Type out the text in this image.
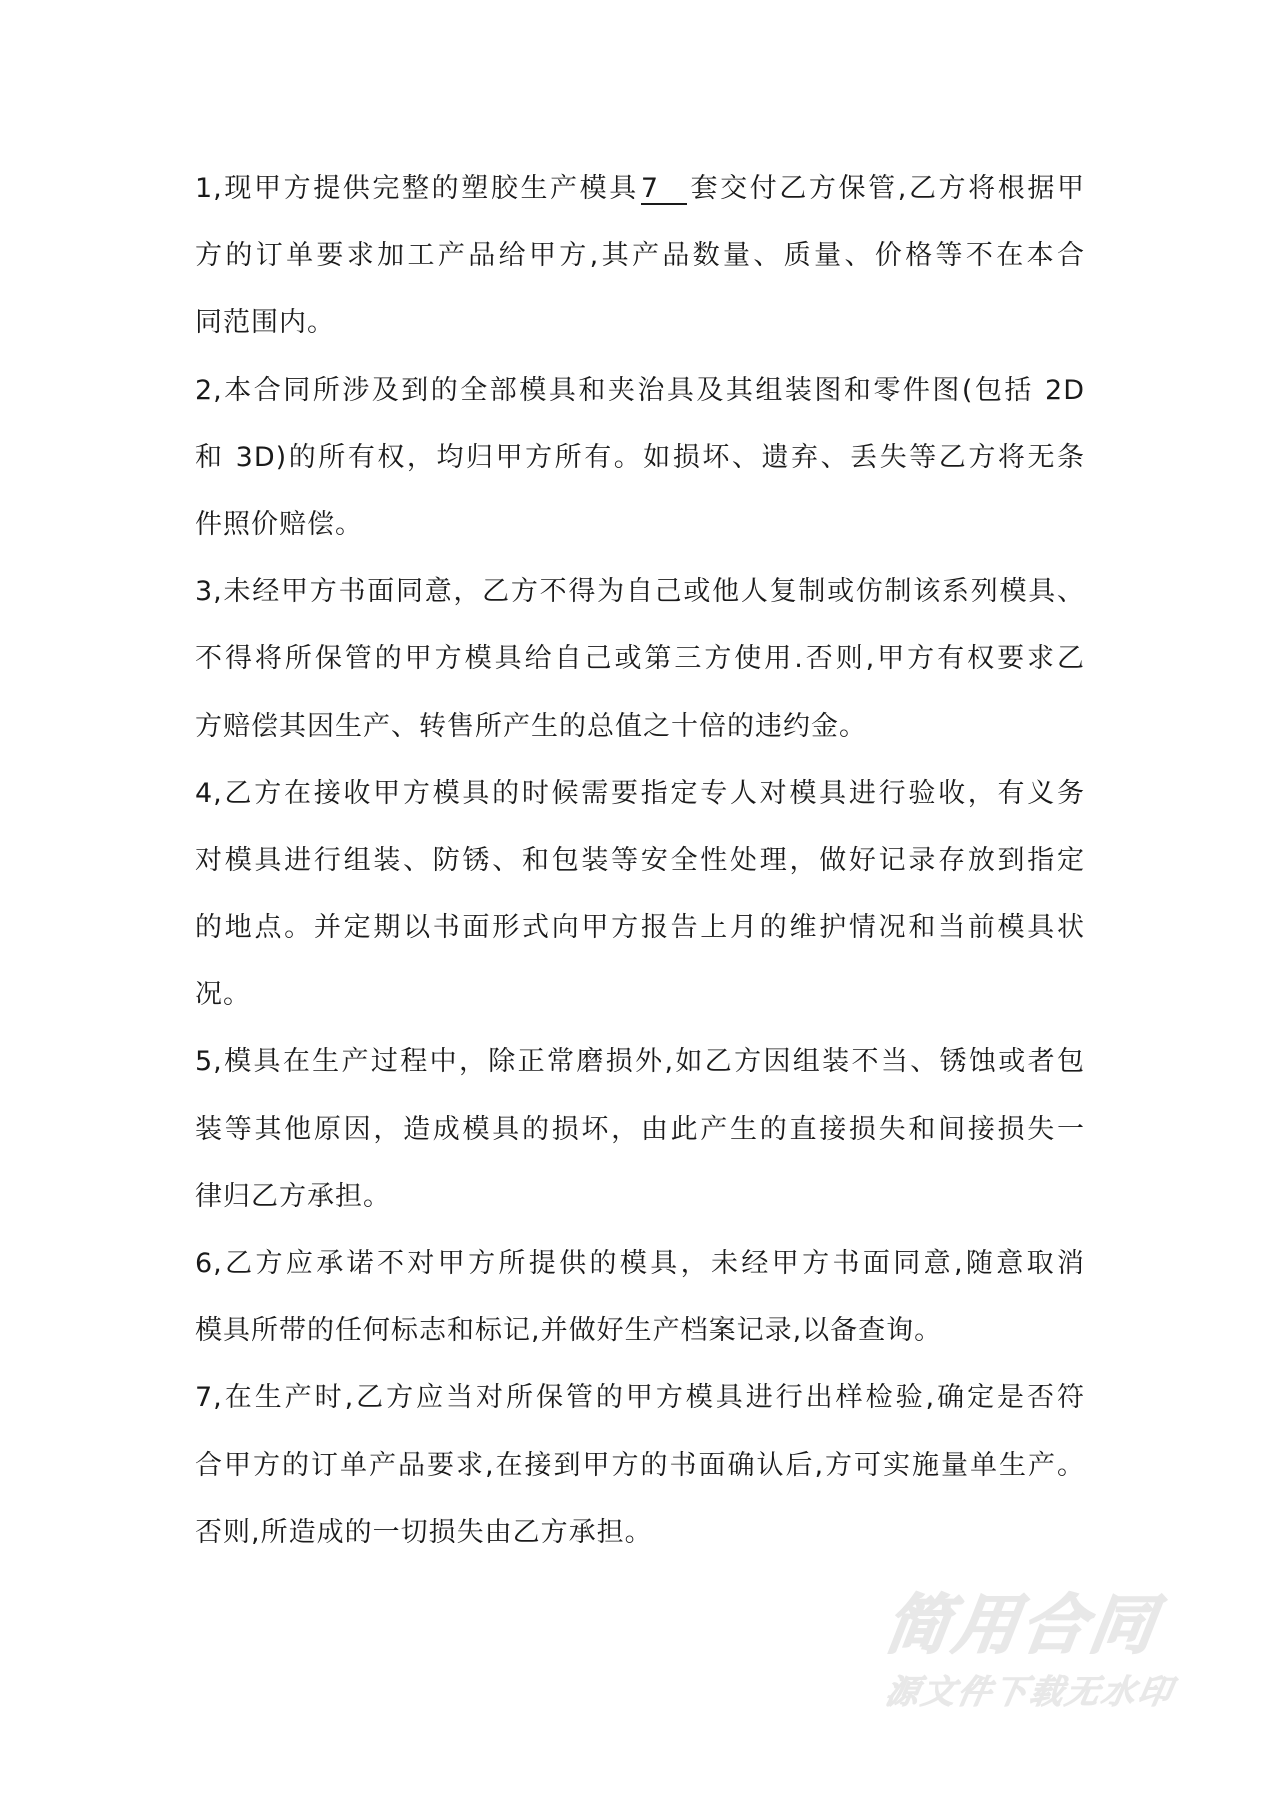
1,现甲方提供完整的塑胶生产模具7 套交付乙方保管,乙方将根据甲
方的订单要求加工产品给甲方,其产品数量、质量、价格等不在本合
同范围内。
2,本合同所涉及到的全部模具和夹治具及其组装图和零件图(包括 2D
和 3D)的所有权，均归甲方所有。如损坏、遗弃、丢失等乙方将无条
件照价赔偿。
3,未经甲方书面同意，乙方不得为自己或他人复制或仿制该系列模具、
不得将所保管的甲方模具给自己或第三方使用.否则,甲方有权要求乙
方赔偿其因生产、转售所产生的总值之十倍的违约金。
4,乙方在接收甲方模具的时候需要指定专人对模具进行验收，有义务
对模具进行组装、防锈、和包装等安全性处理，做好记录存放到指定
的地点。并定期以书面形式向甲方报告上月的维护情况和当前模具状
况。
5,模具在生产过程中，除正常磨损外,如乙方因组装不当、锈蚀或者包
装等其他原因，造成模具的损坏，由此产生的直接损失和间接损失一
律归乙方承担。
6,乙方应承诺不对甲方所提供的模具，未经甲方书面同意,随意取消
模具所带的任何标志和标记,并做好生产档案记录,以备查询。
7,在生产时,乙方应当对所保管的甲方模具进行出样检验,确定是否符
合甲方的订单产品要求,在接到甲方的书面确认后,方可实施量单生产。
否则,所造成的一切损失由乙方承担。
简用合同
源文件下载无水印
